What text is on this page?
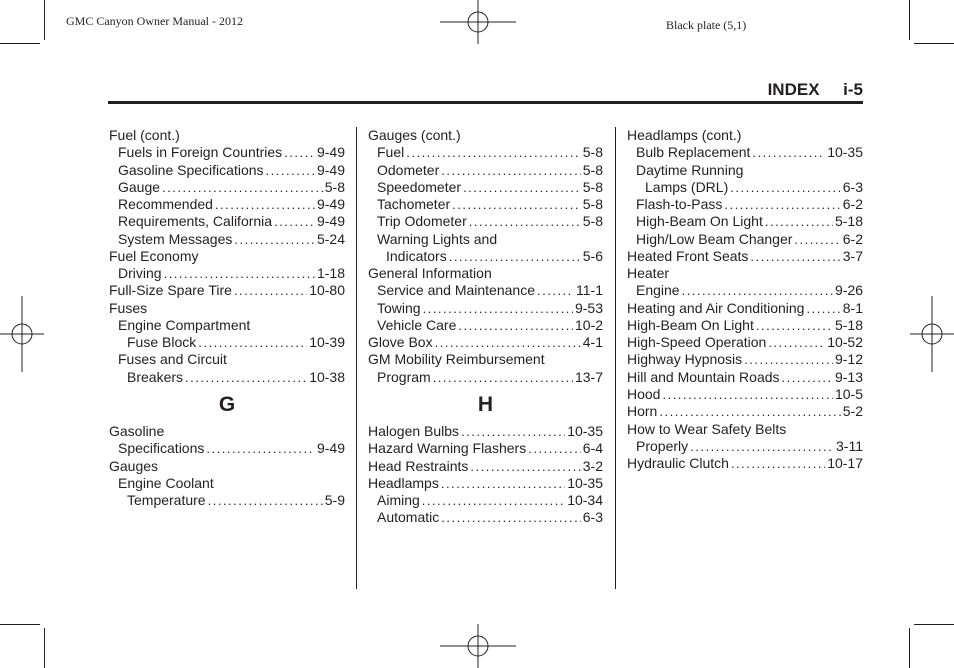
GMC Canyon Owner Manual - 2012	Black plate (5,1)
INDEX     i-5
Fuel (cont.)
Fuels in Foreign Countries ..... 9-49
Gasoline Specifications .....	9-49
Gauge .....	5-8
Recommended .....	9-49
Requirements, California .....	9-49
System Messages .....	5-24
Fuel Economy
Driving .....	1-18
Full-Size Spare Tire .....	10-80
Fuses
Engine Compartment
Fuse Block .....	10-39
Fuses and Circuit
Breakers .....	10-38
G
Gasoline
Specifications .....	9-49
Gauges
Engine Coolant
Temperature .....	5-9
Gauges (cont.)
Fuel .....	5-8
Odometer .....	5-8
Speedometer .....	5-8
Tachometer .....	5-8
Trip Odometer .....	5-8
Warning Lights and
Indicators .....	5-6
General Information
Service and Maintenance .....	11-1
Towing .....	9-53
Vehicle Care .....	10-2
Glove Box .....	4-1
GM Mobility Reimbursement
Program .....	13-7
H
Halogen Bulbs .....	10-35
Hazard Warning Flashers .....	6-4
Head Restraints .....	3-2
Headlamps .....	10-35
Aiming .....	10-34
Automatic .....	6-3
Headlamps (cont.)
Bulb Replacement .....	10-35
Daytime Running
Lamps (DRL) .....	6-3
Flash-to-Pass .....	6-2
High-Beam On Light .....	5-18
High/Low Beam Changer .....	6-2
Heated Front Seats .....	3-7
Heater
Engine .....	9-26
Heating and Air Conditioning .....	8-1
High-Beam On Light .....	5-18
High-Speed Operation .....	10-52
Highway Hypnosis .....	9-12
Hill and Mountain Roads .....	9-13
Hood .....	10-5
Horn .....	5-2
How to Wear Safety Belts
Properly .....	3-11
Hydraulic Clutch .....	10-17
